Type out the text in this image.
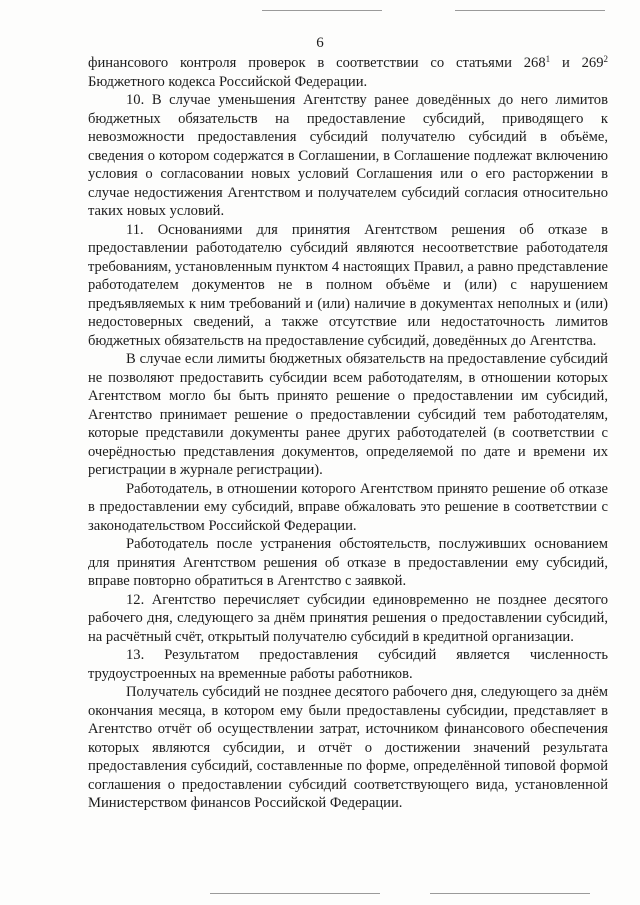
6

финансового контроля проверок в соответствии со статьями $268^1$ и $269^2$ Бюджетного кодекса Российской Федерации.

10. В случае уменьшения Агентству ранее доведённых до него лимитов бюджетных обязательств на предоставление субсидий, приводящего к невозможности предоставления субсидий получателю субсидий в объёме, сведения о котором содержатся в Соглашении, в Соглашение подлежат включению условия о согласовании новых условий Соглашения или о его расторжении в случае недостижения Агентством и получателем субсидий согласия относительно таких новых условий.

11. Основаниями для принятия Агентством решения об отказе в предоставлении работодателю субсидий являются несоответствие работодателя требованиям, установленным пунктом 4 настоящих Правил, а равно представление работодателем документов не в полном объёме и (или) с нарушением предъявляемых к ним требований и (или) наличие в документах неполных и (или) недостоверных сведений, а также отсутствие или недостаточность лимитов бюджетных обязательств на предоставление субсидий, доведённых до Агентства.

В случае если лимиты бюджетных обязательств на предоставление субсидий не позволяют предоставить субсидии всем работодателям, в отношении которых Агентством могло бы быть принято решение о предоставлении им субсидий, Агентство принимает решение о предоставлении субсидий тем работодателям, которые представили документы ранее других работодателей (в соответствии с очерёдностью представления документов, определяемой по дате и времени их регистрации в журнале регистрации).

Работодатель, в отношении которого Агентством принято решение об отказе в предоставлении ему субсидий, вправе обжаловать это решение в соответствии с законодательством Российской Федерации.

Работодатель после устранения обстоятельств, послуживших основанием для принятия Агентством решения об отказе в предоставлении ему субсидий, вправе повторно обратиться в Агентство с заявкой.

12. Агентство перечисляет субсидии единовременно не позднее десятого рабочего дня, следующего за днём принятия решения о предоставлении субсидий, на расчётный счёт, открытый получателю субсидий в кредитной организации.

13. Результатом предоставления субсидий является численность трудоустроенных на временные работы работников.

Получатель субсидий не позднее десятого рабочего дня, следующего за днём окончания месяца, в котором ему были предоставлены субсидии, представляет в Агентство отчёт об осуществлении затрат, источником финансового обеспечения которых являются субсидии, и отчёт о достижении значений результата предоставления субсидий, составленные по форме, определённой типовой формой соглашения о предоставлении субсидий соответствующего вида, установленной Министерством финансов Российской Федерации.
